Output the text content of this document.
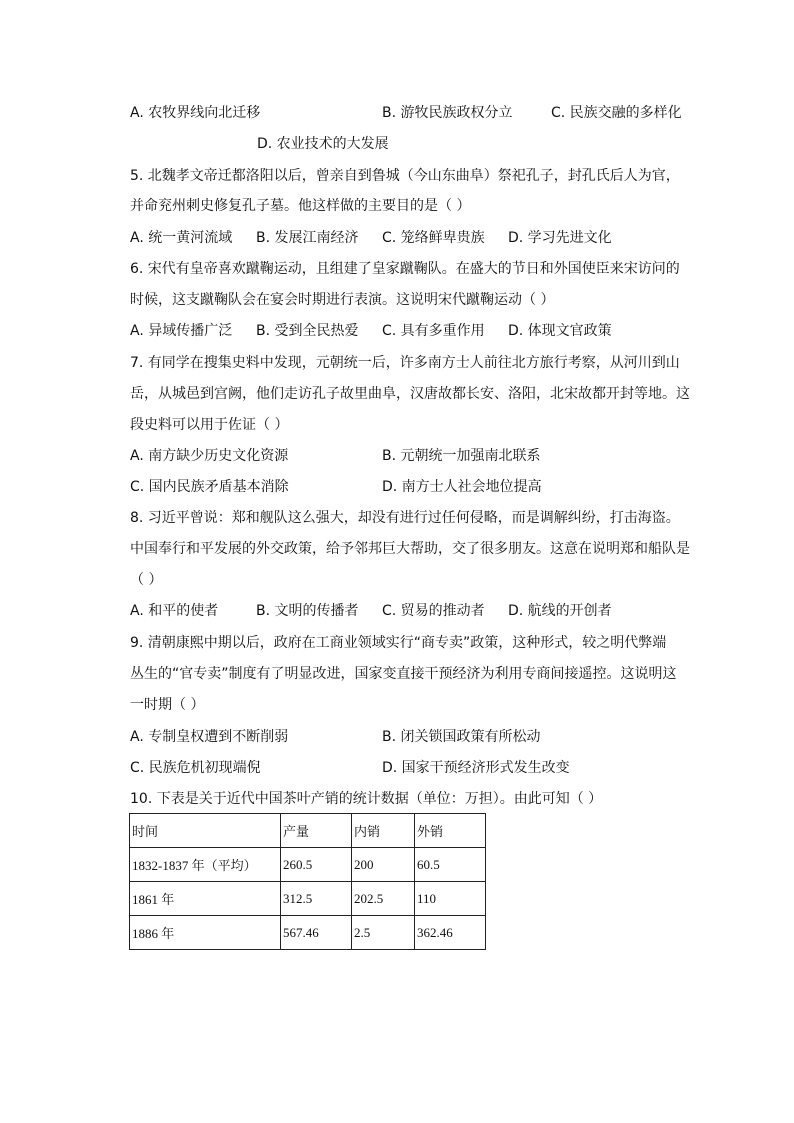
A. 农牧界线向北迁移	B. 游牧民族政权分立	C. 民族交融的多样化
D. 农业技术的大发展
5. 北魏孝文帝迁都洛阳以后，曾亲自到鲁城（今山东曲阜）祭祀孔子，封孔氏后人为官，
并命兖州刺史修复孔子墓。他这样做的主要目的是（ ）
A. 统一黄河流域 B. 发展江南经济 C. 笼络鲜卑贵族 D. 学习先进文化
6. 宋代有皇帝喜欢蹴鞠运动，且组建了皇家蹴鞠队。在盛大的节日和外国使臣来宋访问的
时候，这支蹴鞠队会在宴会时期进行表演。这说明宋代蹴鞠运动（ ）
A. 异域传播广泛 B. 受到全民热爱 C. 具有多重作用 D. 体现文官政策
7. 有同学在搜集史料中发现，元朝统一后，许多南方士人前往北方旅行考察，从河川到山
岳，从城邑到宫阙，他们走访孔子故里曲阜，汉唐故都长安、洛阳，北宋故都开封等地。这
段史料可以用于佐证（ ）
A. 南方缺少历史文化资源	B. 元朝统一加强南北联系
C. 国内民族矛盾基本消除	D. 南方士人社会地位提高
8. 习近平曾说：郑和舰队这么强大，却没有进行过任何侵略，而是调解纠纷，打击海盗。
中国奉行和平发展的外交政策，给予邻邦巨大帮助，交了很多朋友。这意在说明郑和船队是
（ ）
A. 和平的使者	B. 文明的传播者 C. 贸易的推动者 D. 航线的开创者
9. 清朝康熙中期以后，政府在工商业领域实行“商专卖”政策，这种形式，较之明代弊端
丛生的“官专卖”制度有了明显改进，国家变直接干预经济为利用专商间接遥控。这说明这
一时期（ ）
A. 专制皇权遭到不断削弱	B. 闭关锁国政策有所松动
C. 民族危机初现端倪	D. 国家干预经济形式发生改变
10. 下表是关于近代中国茶叶产销的统计数据（单位：万担）。由此可知（ ）
时间	产量	内销	外销
1832-1837 年（平均）	260.5	200	60.5
1861 年	312.5	202.5	110
1886 年	567.46	2.5	362.46
